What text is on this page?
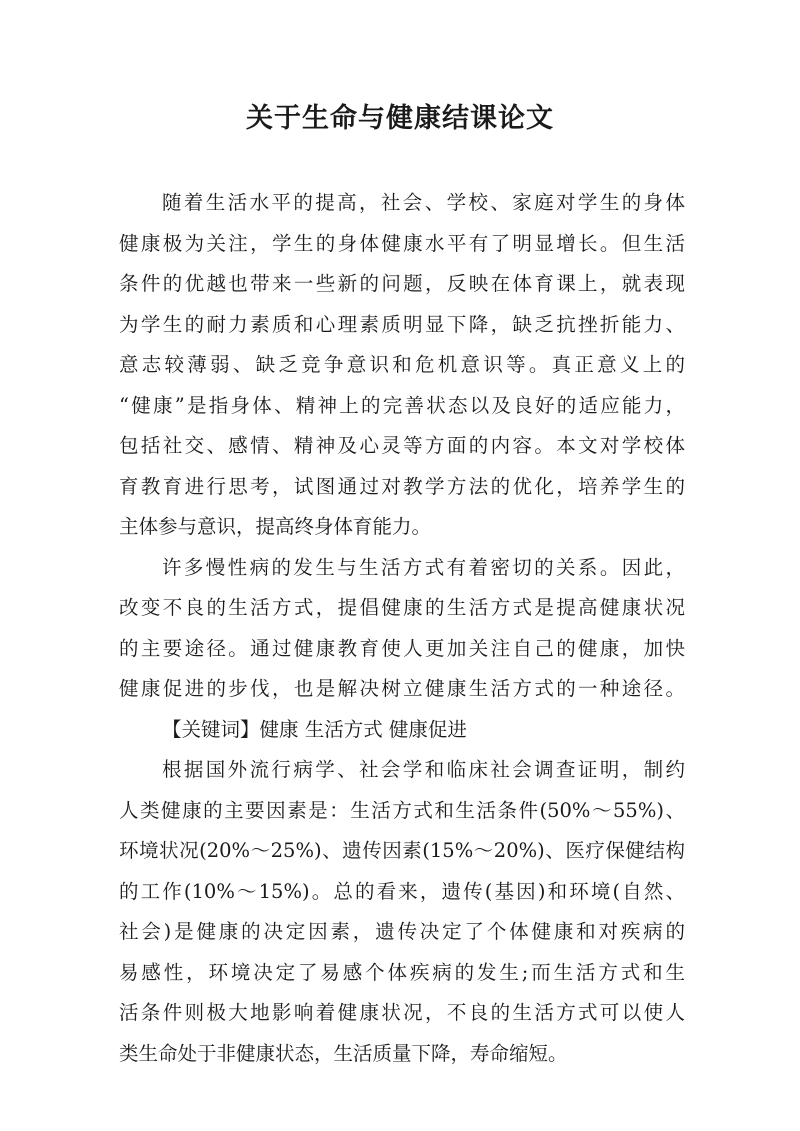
关于生命与健康结课论文
随着生活水平的提高，社会、学校、家庭对学生的身体
健康极为关注，学生的身体健康水平有了明显增长。但生活
条件的优越也带来一些新的问题，反映在体育课上，就表现
为学生的耐力素质和心理素质明显下降，缺乏抗挫折能力、
意志较薄弱、缺乏竞争意识和危机意识等。真正意义上的
“健康”是指身体、精神上的完善状态以及良好的适应能力，
包括社交、感情、精神及心灵等方面的内容。本文对学校体
育教育进行思考，试图通过对教学方法的优化，培养学生的
主体参与意识，提高终身体育能力。
许多慢性病的发生与生活方式有着密切的关系。因此，
改变不良的生活方式，提倡健康的生活方式是提高健康状况
的主要途径。通过健康教育使人更加关注自己的健康，加快
健康促进的步伐，也是解决树立健康生活方式的一种途径。
【关键词】健康 生活方式 健康促进
根据国外流行病学、社会学和临床社会调查证明，制约
人类健康的主要因素是：生活方式和生活条件(50%～55%)、
环境状况(20%～25%)、遗传因素(15%～20%)、医疗保健结构
的工作(10%～15%)。总的看来，遗传(基因)和环境(自然、
社会)是健康的决定因素，遗传决定了个体健康和对疾病的
易感性，环境决定了易感个体疾病的发生;而生活方式和生
活条件则极大地影响着健康状况，不良的生活方式可以使人
类生命处于非健康状态，生活质量下降，寿命缩短。
